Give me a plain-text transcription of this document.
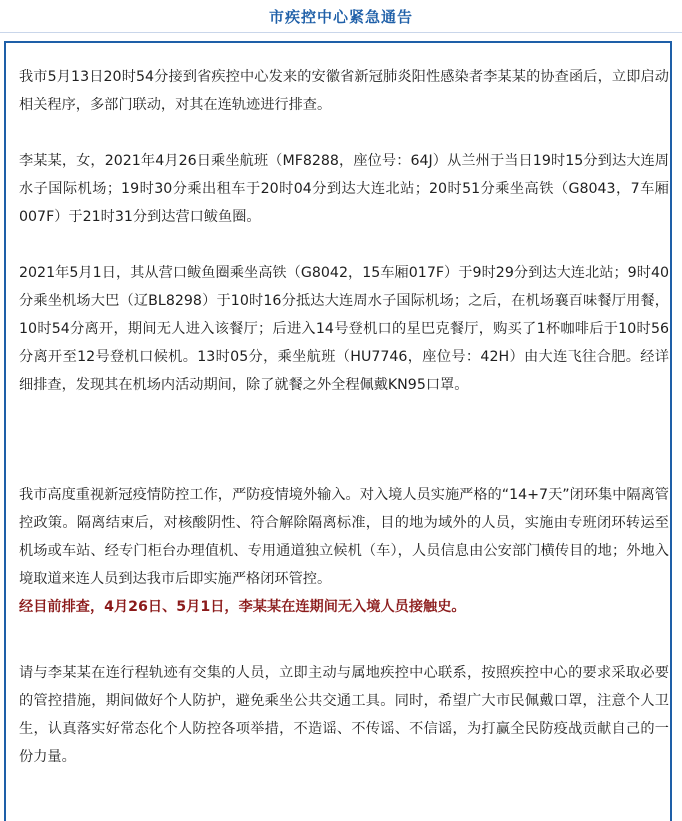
市疾控中心紧急通告

我市5月13日20时54分接到省疾控中心发来的安徽省新冠肺炎阳性感染者李某某的协查函后，立即启动相关程序，多部门联动，对其在连轨迹进行排查。

李某某，女，2021年4月26日乘坐航班（MF8288，座位号：64J）从兰州于当日19时15分到达大连周水子国际机场；19时30分乘出租车于20时04分到达大连北站；20时51分乘坐高铁（G8043，7车厢007F）于21时31分到达营口鲅鱼圈。

2021年5月1日，其从营口鲅鱼圈乘坐高铁（G8042，15车厢017F）于9时29分到达大连北站；9时40分乘坐机场大巴（辽BL8298）于10时16分抵达大连周水子国际机场；之后，在机场襄百味餐厅用餐，10时54分离开，期间无人进入该餐厅；后进入14号登机口的星巴克餐厅，购买了1杯咖啡后于10时56分离开至12号登机口候机。13时05分，乘坐航班（HU7746，座位号：42H）由大连飞往合肥。经详细排查，发现其在机场内活动期间，除了就餐之外全程佩戴KN95口罩。

我市高度重视新冠疫情防控工作，严防疫情境外输入。对入境人员实施严格的“14+7天”闭环集中隔离管控政策。隔离结束后，对核酸阴性、符合解除隔离标准，目的地为域外的人员，实施由专班闭环转运至机场或车站、经专门柜台办理值机、专用通道独立候机（车），人员信息由公安部门横传目的地；外地入境取道来连人员到达我市后即实施严格闭环管控。

经目前排查，4月26日、5月1日，李某某在连期间无入境人员接触史。

请与李某某在连行程轨迹有交集的人员，立即主动与属地疾控中心联系，按照疾控中心的要求采取必要的管控措施，期间做好个人防护，避免乘坐公共交通工具。同时，希望广大市民佩戴口罩，注意个人卫生，认真落实好常态化个人防控各项举措，不造谣、不传谣、不信谣，为打赢全民防疫战贡献自己的一份力量。
